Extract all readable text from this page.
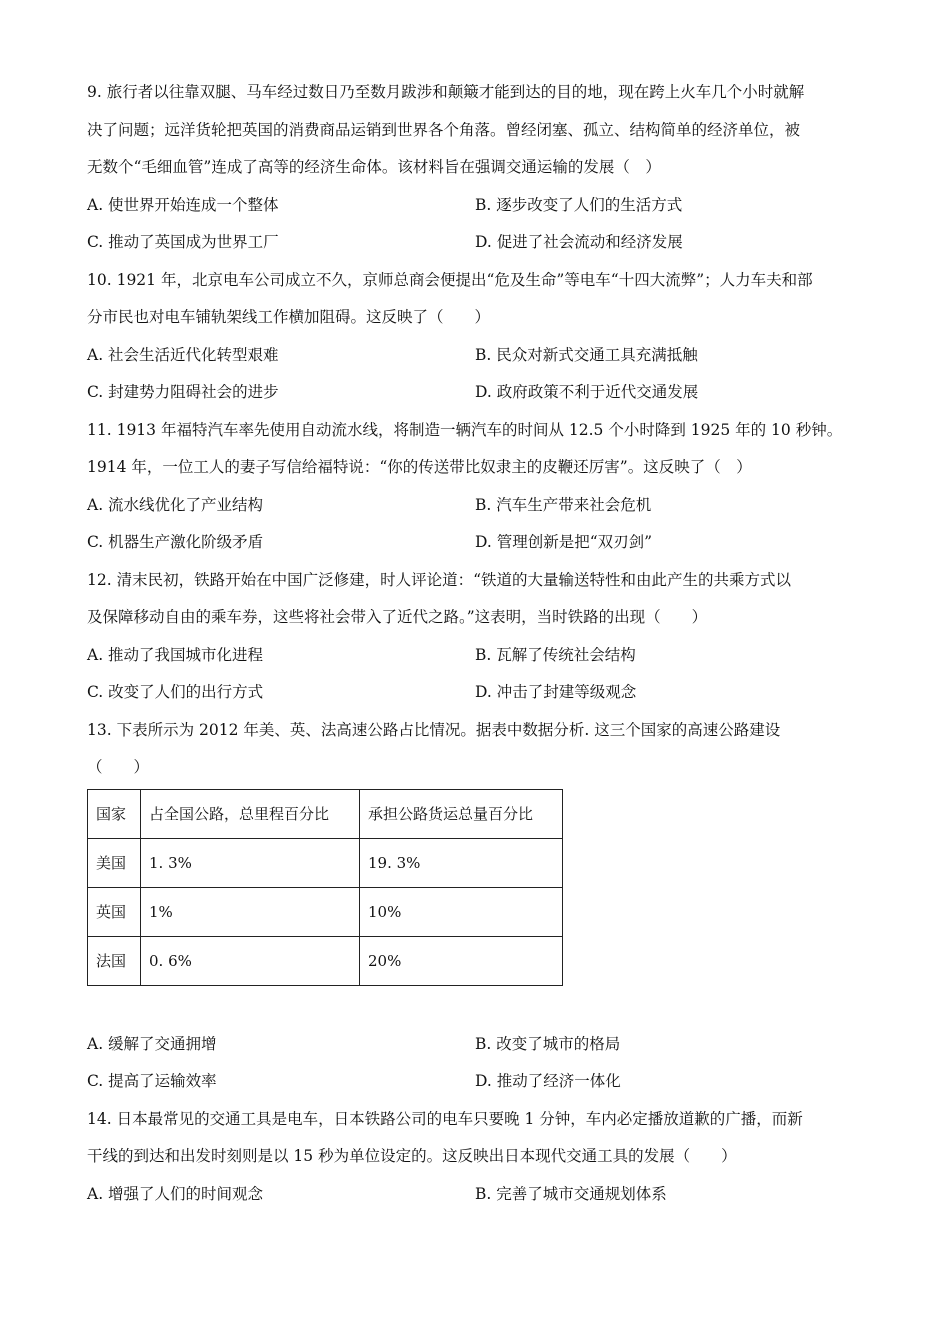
9. 旅行者以往靠双腿、马车经过数日乃至数月跋涉和颠簸才能到达的目的地，现在跨上火车几个小时就解
决了问题；远洋货轮把英国的消费商品运销到世界各个角落。曾经闭塞、孤立、结构简单的经济单位，被
无数个“毛细血管”连成了高等的经济生命体。该材料旨在强调交通运输的发展（　）
A. 使世界开始连成一个整体	B. 逐步改变了人们的生活方式
C. 推动了英国成为世界工厂	D. 促进了社会流动和经济发展
10. 1921 年，北京电车公司成立不久，京师总商会便提出“危及生命”等电车“十四大流弊”；人力车夫和部
分市民也对电车铺轨架线工作横加阻碍。这反映了（　　）
A. 社会生活近代化转型艰难	B. 民众对新式交通工具充满抵触
C. 封建势力阻碍社会的进步	D. 政府政策不利于近代交通发展
11. 1913 年福特汽车率先使用自动流水线，将制造一辆汽车的时间从 12.5 个小时降到 1925 年的 10 秒钟。
1914 年，一位工人的妻子写信给福特说：“你的传送带比奴隶主的皮鞭还厉害”。这反映了（　）
A. 流水线优化了产业结构	B. 汽车生产带来社会危机
C. 机器生产激化阶级矛盾	D. 管理创新是把“双刃剑”
12. 清末民初，铁路开始在中国广泛修建，时人评论道：“铁道的大量输送特性和由此产生的共乘方式以
及保障移动自由的乘车券，这些将社会带入了近代之路。”这表明，当时铁路的出现（　　）
A. 推动了我国城市化进程	B. 瓦解了传统社会结构
C. 改变了人们的出行方式	D. 冲击了封建等级观念
13. 下表所示为 2012 年美、英、法高速公路占比情况。据表中数据分析. 这三个国家的高速公路建设
（　　）
国家	占全国公路，总里程百分比	承担公路货运总量百分比
美国	1. 3%	19. 3%
英国	1%	10%
法国	0. 6%	20%
A. 缓解了交通拥增	B. 改变了城市的格局
C. 提高了运输效率	D. 推动了经济一体化
14. 日本最常见的交通工具是电车，日本铁路公司的电车只要晚 1 分钟，车内必定播放道歉的广播，而新
干线的到达和出发时刻则是以 15 秒为单位设定的。这反映出日本现代交通工具的发展（　　）
A. 增强了人们的时间观念	B. 完善了城市交通规划体系
